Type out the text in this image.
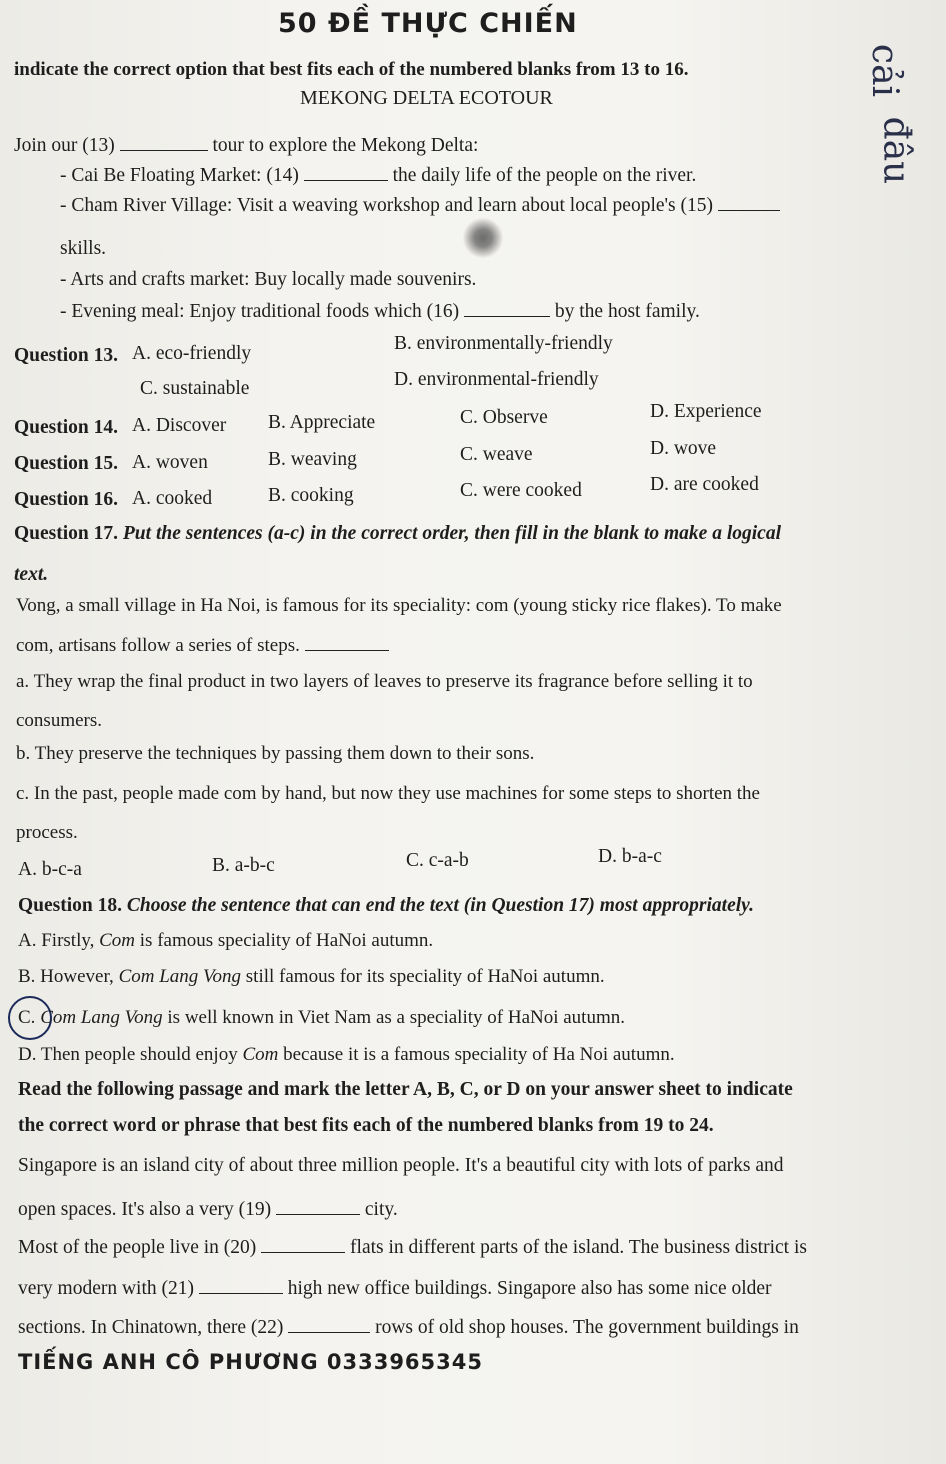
50 ĐỀ THỰC CHIẾN
indicate the correct option that best fits each of the numbered blanks from 13 to 16.
MEKONG DELTA ECOTOUR
Join our (13)	tour to explore the Mekong Delta:
- Cai Be Floating Market: (14)	the daily life of the people on the river.
- Cham River Village: Visit a weaving workshop and learn about local people's (15)
skills.
- Arts and crafts market: Buy locally made souvenirs.
- Evening meal: Enjoy traditional foods which (16)	by the host family.
Question 13. A. eco-friendly	B. environmentally-friendly
C. sustainable	D. environmental-friendly
Question 14. A. Discover B. Appreciate	C. Observe	D. Experience
Question 15. A. woven	B. weaving	C. weave	D. wove
Question 16. A. cooked	B. cooking	C. were cooked	D. are cooked
Question 17. Put the sentences (a-c) in the correct order, then fill in the blank to make a logical
text.
Vong, a small village in Ha Noi, is famous for its speciality: com (young sticky rice flakes). To make
com, artisans follow a series of steps.
a. They wrap the final product in two layers of leaves to preserve its fragrance before selling it to
consumers.
b. They preserve the techniques by passing them down to their sons.
c. In the past, people made com by hand, but now they use machines for some steps to shorten the
process.
A. b-c-a	B. a-b-c	C. c-a-b	D. b-a-c
Question 18. Choose the sentence that can end the text (in Question 17) most appropriately.
A. Firstly, Com is famous speciality of HaNoi autumn.
B. However, Com Lang Vong still famous for its speciality of HaNoi autumn.
C. Com Lang Vong is well known in Viet Nam as a speciality of HaNoi autumn.
D. Then people should enjoy Com because it is a famous speciality of Ha Noi autumn.
Read the following passage and mark the letter A, B, C, or D on your answer sheet to indicate
the correct word or phrase that best fits each of the numbered blanks from 19 to 24.
Singapore is an island city of about three million people. It's a beautiful city with lots of parks and
open spaces. It's also a very (19)	city.
Most of the people live in (20)	flats in different parts of the island. The business district is
very modern with (21)	high new office buildings. Singapore also has some nice older
sections. In Chinatown, there (22)	rows of old shop houses. The government buildings in
TIẾNG ANH CÔ PHƯƠNG 0333965345
cải
đâu
